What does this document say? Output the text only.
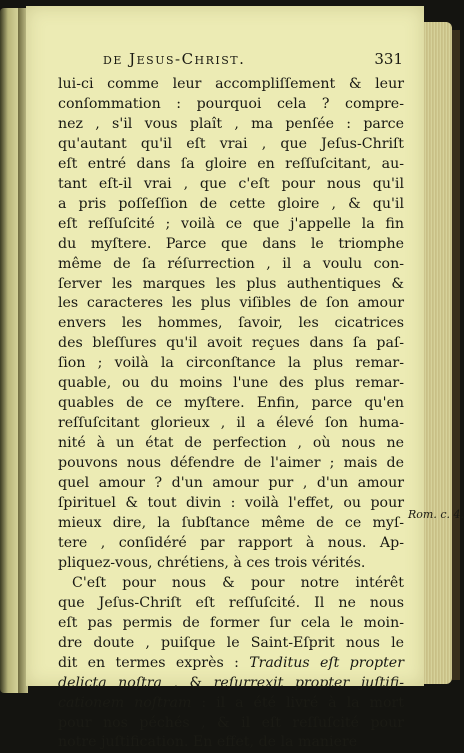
de Jesus-Christ.	331
lui-ci comme leur accompliſſement & leur
conſommation : pourquoi cela ? compre-
nez , s'il vous plaît , ma penſée : parce
qu'autant qu'il eſt vrai , que Jeſus-Chriſt
eſt entré dans ſa gloire en reſſuſcitant, au-
tant eſt-il vrai , que c'eſt pour nous qu'il
a pris poſſeſſion de cette gloire , & qu'il
eſt reſſuſcité ; voilà ce que j'appelle la fin
du myſtere. Parce que dans le triomphe
même de ſa réſurrection , il a voulu con-
ſerver les marques les plus authentiques &
les caracteres les plus viſibles de ſon amour
envers les hommes, ſavoir, les cicatrices
des bleſſures qu'il avoit reçues dans ſa paſ-
ſion ; voilà la circonſtance la plus remar-
quable, ou du moins l'une des plus remar-
quables de ce myſtere. Enfin, parce qu'en
reſſuſcitant glorieux , il a élevé ſon huma-
nité à un état de perfection , où nous ne
pouvons nous défendre de l'aimer ; mais de
quel amour ? d'un amour pur , d'un amour
ſpirituel & tout divin : voilà l'effet, ou pour
mieux dire, la ſubſtance même de ce myſ-
tere , conſidéré par rapport à nous. Ap-
pliquez-vous, chrétiens, à ces trois vérités.
C'eſt pour nous & pour notre intérêt
que Jeſus-Chriſt eſt reſſuſcité. Il ne nous
eſt pas permis de former ſur cela le moin-
dre doute , puiſque le Saint-Eſprit nous le
dit en termes exprès : Traditus eſt propter
delicta noſtra , & reſurrexit propter juſtifi-
cationem noſtram : il a été livré à la mort
pour nos péchés , & il eſt reſſuſcité pour
notre juſtification. En effet, de la maniere
Rom. c. 4.
